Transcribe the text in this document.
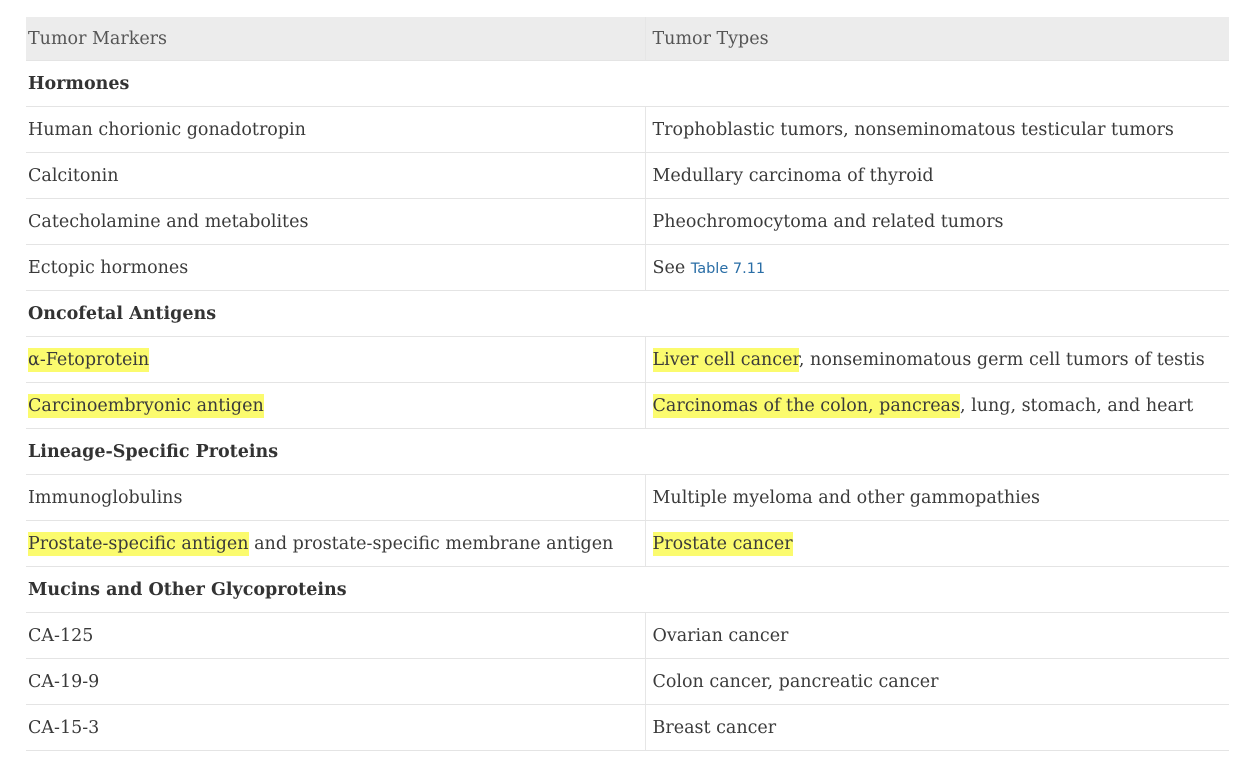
Tumor Markers	Tumor Types
Hormones	
Human chorionic gonadotropin	Trophoblastic tumors, nonseminomatous testicular tumors
Calcitonin	Medullary carcinoma of thyroid
Catecholamine and metabolites	Pheochromocytoma and related tumors
Ectopic hormones	See Table 7.11
Oncofetal Antigens	
α-Fetoprotein	Liver cell cancer, nonseminomatous germ cell tumors of testis
Carcinoembryonic antigen	Carcinomas of the colon, pancreas, lung, stomach, and heart
Lineage-Specific Proteins	
Immunoglobulins	Multiple myeloma and other gammopathies
Prostate-specific antigen and prostate-specific membrane antigen	Prostate cancer
Mucins and Other Glycoproteins	
CA-125	Ovarian cancer
CA-19-9	Colon cancer, pancreatic cancer
CA-15-3	Breast cancer
